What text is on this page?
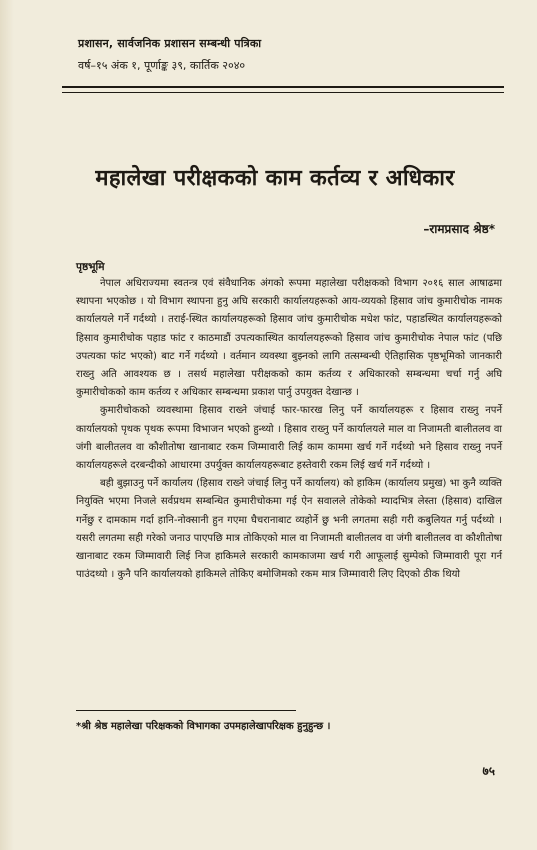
प्रशासन, सार्वजनिक प्रशासन सम्बन्धी पत्रिका
वर्ष–१५ अंक १, पूर्णाङ्क ३९, कार्तिक २०४०
महालेखा परीक्षकको काम कर्तव्य र अधिकार
–रामप्रसाद श्रेष्ठ*
पृष्ठभूमि

नेपाल अधिराज्यमा स्वतन्त्र एवं संवैधानिक अंगको रूपमा महालेखा परीक्षकको विभाग २०१६ साल आषाढमा स्थापना भएकोछ । यो विभाग स्थापना हुनु अघि सरकारी कार्यालयहरूको आय-व्ययको हिसाव जांच कुमारीचोक नामक कार्यालयले गर्ने गर्दथ्यो । तराई-स्थित कार्यालयहरूको हिसाव जांच कुमारीचोक मधेश फांट, पहाडस्थित कार्यालयहरूको हिसाव कुमारीचोक पहाड फांट र काठमाडौं उपत्यकास्थित कार्यालयहरूको हिसाव जांच कुमारीचोक नेपाल फांट (पछि उपत्यका फांट भएको) बाट गर्ने गर्दथ्यो । वर्तमान व्यवस्था बुझ्नको लागि तत्सम्बन्धी ऐतिहासिक पृष्ठभूमिको जानकारी राख्नु अति आवश्यक छ । तसर्थ महालेखा परीक्षकको काम कर्तव्य र अधिकारको सम्बन्धमा चर्चा गर्नु अघि कुमारीचोकको काम कर्तव्य र अधिकार सम्बन्धमा प्रकाश पार्नु उपयुक्त देखान्छ ।

कुमारीचोकको व्यवस्थामा हिसाव राख्ने जंचाई फार-फारख लिनु पर्ने कार्यालयहरू र हिसाव राख्नु नपर्ने कार्यालयको पृथक पृथक रूपमा विभाजन भएको हुन्थ्यो । हिसाव राख्नु पर्ने कार्यालयले माल वा निजामती बालीतलव वा जंगी बालीतलव वा कौशीतोषा खानाबाट रकम जिम्मावारी लिई काम काममा खर्च गर्ने गर्दथ्यो भने हिसाव राख्नु नपर्ने कार्यालयहरूले दरबन्दीको आधारमा उपर्युक्त कार्यालयहरूबाट हस्तेवारी रकम लिई खर्च गर्ने गर्दथ्यो ।

बही बुझाउनु पर्ने कार्यालय (हिसाव राख्ने जंचाई लिनु पर्ने कार्यालय) को हाकिम (कार्यालय प्रमुख) भा कुनै व्यक्ति नियुक्ति भएमा निजले सर्वप्रथम सम्बन्धित कुमारीचोकमा गई ऐन सवालले तोकेको म्यादभित्र लेस्ता (हिसाव) दाखिल गर्नेछु र दामकाम गर्दा हानि-नोक्सानी हुन गएमा घैचरानाबाट व्यहोर्ने छु भनी लगतमा सही गरी कबुलियत गर्नु पर्दथ्यो । यसरी लगतमा सही गरेको जनाउ पाएपछि मात्र तोकिएको माल वा निजामती बालीतलव वा जंगी बालीतलव वा कौशीतोषा खानाबाट रकम जिम्मावारी लिई निज हाकिमले सरकारी कामकाजमा खर्च गरी आफूलाई सुम्पेको जिम्मावारी पूरा गर्न पाउंदथ्यो । कुनै पनि कार्यालयको हाकिमले तोकिए बमोजिमको रकम मात्र जिम्मावारी लिए दिएको ठीक थियो

*श्री श्रेष्ठ महालेखा परिक्षकको विभागका उपमहालेखापरिक्षक हुनुहुन्छ ।
७५
